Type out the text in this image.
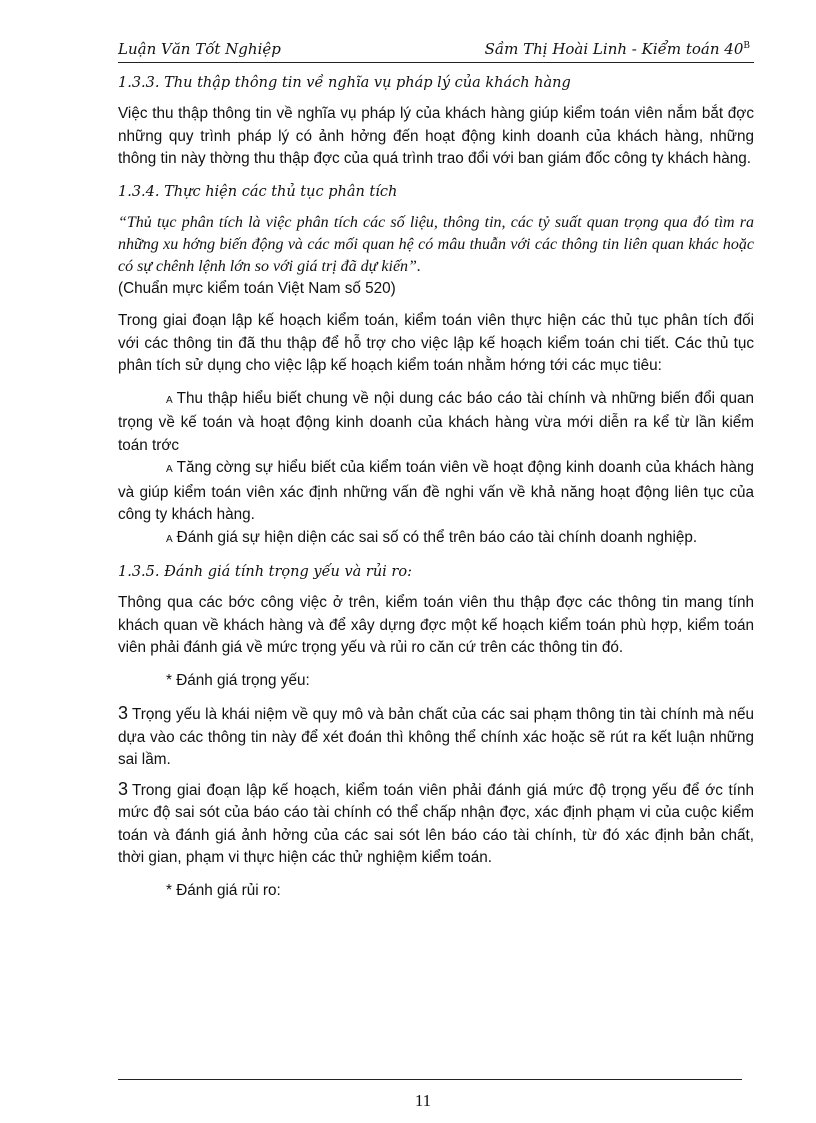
Luận Văn Tốt Nghiệp	Sầm Thị Hoài Linh - Kiểm toán $40^B$
1.3.3. Thu thập thông tin về nghĩa vụ pháp lý của khách hàng

Việc thu thập thông tin về nghĩa vụ pháp lý của khách hàng giúp kiểm toán viên nắm bắt đợc những quy trình pháp lý có ảnh hởng đến hoạt động kinh doanh của khách hàng, những thông tin này thờng thu thập đợc của quá trình trao đổi với ban giám đốc công ty khách hàng.

1.3.4. Thực hiện các thủ tục phân tích

“Thủ tục phân tích là việc phân tích các số liệu, thông tin, các tỷ suất quan trọng qua đó tìm ra những xu hớng biến động và các mối quan hệ có mâu thuẫn với các thông tin liên quan khác hoặc có sự chênh lệnh lớn so với giá trị đã dự kiến”.

(Chuẩn mực kiểm toán Việt Nam số 520)

Trong giai đoạn lập kế hoạch kiểm toán, kiểm toán viên thực hiện các thủ tục phân tích đối với các thông tin đã thu thập để hỗ trợ cho việc lập kế hoạch kiểm toán chi tiết. Các thủ tục phân tích sử dụng cho việc lập kế hoạch kiểm toán nhằm hớng tới các mục tiêu:

A Thu thập hiểu biết chung về nội dung các báo cáo tài chính và những biến đổi quan trọng về kế toán và hoạt động kinh doanh của khách hàng vừa mới diễn ra kể từ lần kiểm toán trớc

A Tăng cờng sự hiểu biết của kiểm toán viên về hoạt động kinh doanh của khách hàng và giúp kiểm toán viên xác định những vấn đề nghi vấn về khả năng hoạt động liên tục của công ty khách hàng.

A Đánh giá sự hiện diện các sai số có thể trên báo cáo tài chính doanh nghiệp.

1.3.5. Đánh giá tính trọng yếu và rủi ro:

Thông qua các bớc công việc ở trên, kiểm toán viên thu thập đợc các thông tin mang tính khách quan về khách hàng và để xây dựng đợc một kế hoạch kiểm toán phù hợp, kiểm toán viên phải đánh giá về mức trọng yếu và rủi ro căn cứ trên các thông tin đó.

* Đánh giá trọng yếu:

3 Trọng yếu là khái niệm về quy mô và bản chất của các sai phạm thông tin tài chính mà nếu dựa vào các thông tin này để xét đoán thì không thể chính xác hoặc sẽ rút ra kết luận những sai lầm.

3 Trong giai đoạn lập kế hoạch, kiểm toán viên phải đánh giá mức độ trọng yếu để ớc tính mức độ sai sót của báo cáo tài chính có thể chấp nhận đợc, xác định phạm vi của cuộc kiểm toán và đánh giá ảnh hởng của các sai sót lên báo cáo tài chính, từ đó xác định bản chất, thời gian, phạm vi thực hiện các thử nghiệm kiểm toán.

* Đánh giá rủi ro:

11
